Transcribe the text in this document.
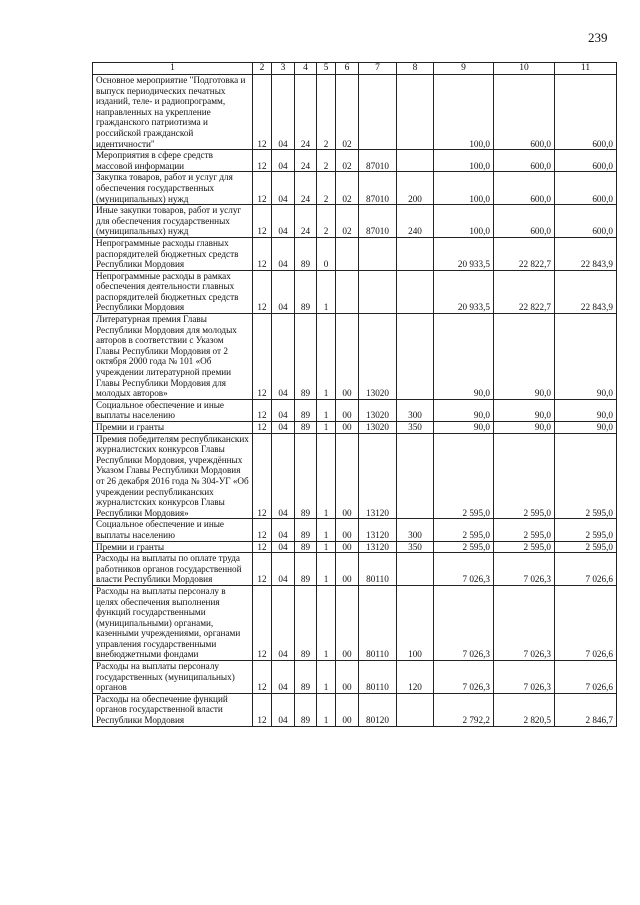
239
1	2	3	4	5	6	7	8	9	10	11
Основное мероприятие "Подготовка и выпуск периодических печатных изданий, теле- и радиопрограмм, направленных на укрепление гражданского патриотизма и российской гражданской идентичности"	12	04	24	2	02			100,0	600,0	600,0
Мероприятия в сфере средств массовой информации	12	04	24	2	02	87010		100,0	600,0	600,0
Закупка товаров, работ и услуг для обеспечения государственных (муниципальных) нужд	12	04	24	2	02	87010	200	100,0	600,0	600,0
Иные закупки товаров, работ и услуг для обеспечения государственных (муниципальных) нужд	12	04	24	2	02	87010	240	100,0	600,0	600,0
Непрограммные расходы главных распорядителей бюджетных средств Республики Мордовия	12	04	89	0				20 933,5	22 822,7	22 843,9
Непрограммные расходы в рамках обеспечения деятельности главных распорядителей бюджетных средств Республики Мордовия	12	04	89	1				20 933,5	22 822,7	22 843,9
Литературная премия Главы Республики Мордовия для молодых авторов в соответствии с Указом Главы Республики Мордовия от 2 октября 2000 года № 101 «Об учреждении литературной премии Главы Республики Мордовия для молодых авторов»	12	04	89	1	00	13020		90,0	90,0	90,0
Социальное обеспечение и иные выплаты населению	12	04	89	1	00	13020	300	90,0	90,0	90,0
Премии и гранты	12	04	89	1	00	13020	350	90,0	90,0	90,0
Премия победителям республиканских журналистских конкурсов Главы Республики Мордовия, учреждённых Указом Главы Республики Мордовия от 26 декабря 2016 года № 304-УГ «Об учреждении республиканских журналистских конкурсов Главы Республики Мордовия»	12	04	89	1	00	13120		2 595,0	2 595,0	2 595,0
Социальное обеспечение и иные выплаты населению	12	04	89	1	00	13120	300	2 595,0	2 595,0	2 595,0
Премии и гранты	12	04	89	1	00	13120	350	2 595,0	2 595,0	2 595,0
Расходы на выплаты по оплате труда работников органов государственной власти Республики Мордовия	12	04	89	1	00	80110		7 026,3	7 026,3	7 026,6
Расходы на выплаты персоналу в целях обеспечения выполнения функций государственными (муниципальными) органами, казенными учреждениями, органами управления государственными внебюджетными фондами	12	04	89	1	00	80110	100	7 026,3	7 026,3	7 026,6
Расходы на выплаты персоналу государственных (муниципальных) органов	12	04	89	1	00	80110	120	7 026,3	7 026,3	7 026,6
Расходы на обеспечение функций органов государственной власти Республики Мордовия	12	04	89	1	00	80120		2 792,2	2 820,5	2 846,7
